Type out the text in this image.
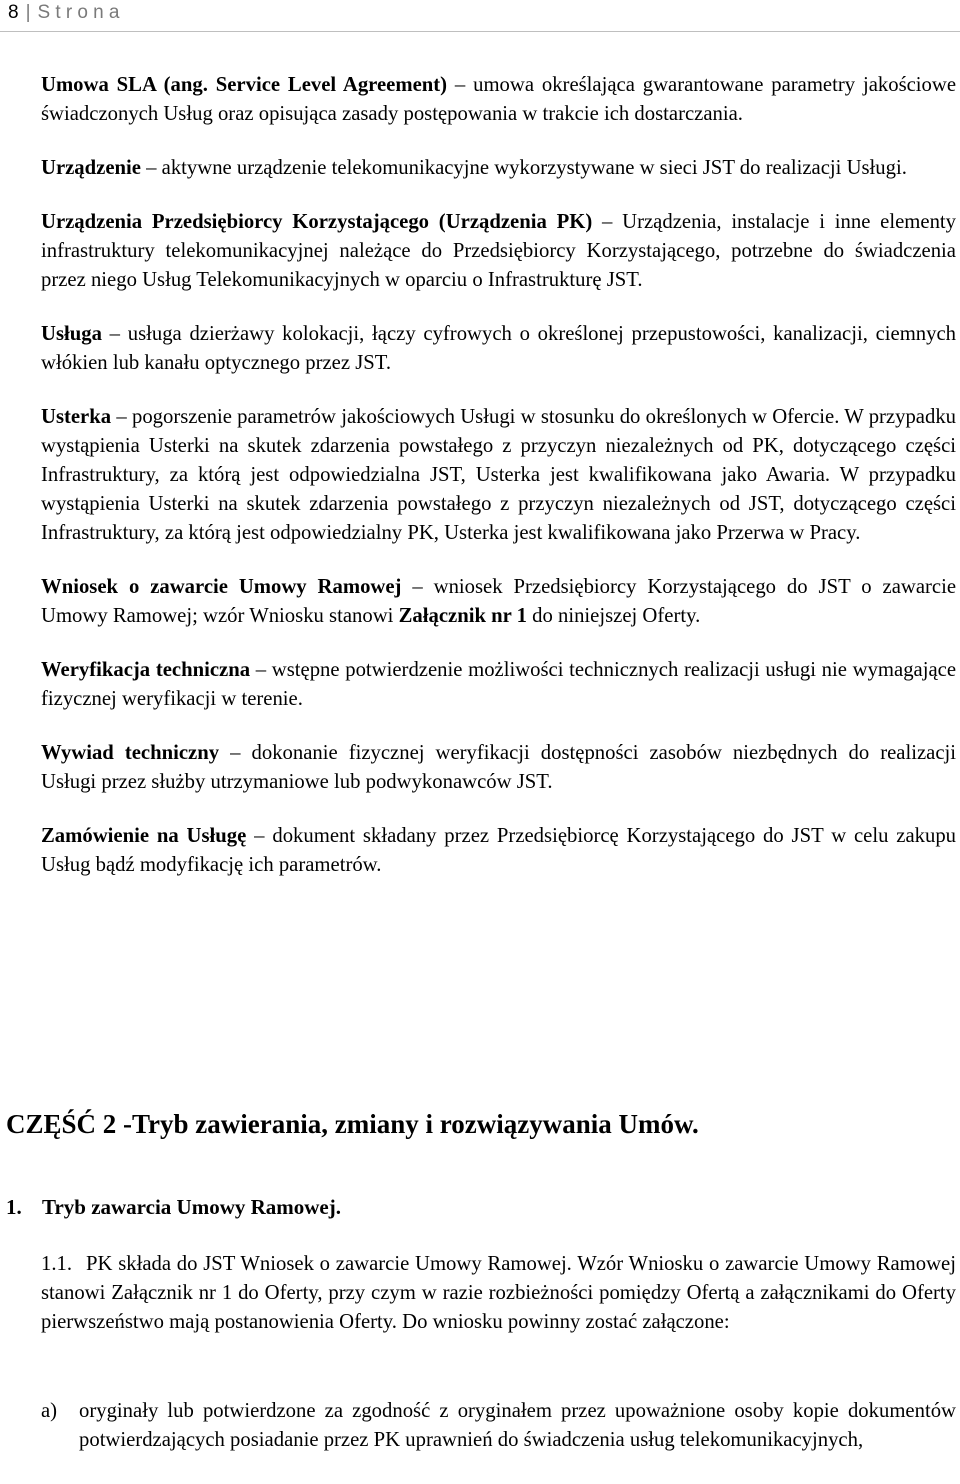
8 | Strona

Umowa SLA (ang. Service Level Agreement) – umowa określająca gwarantowane parametry jakościowe świadczonych Usług oraz opisująca zasady postępowania w trakcie ich dostarczania.

Urządzenie – aktywne urządzenie telekomunikacyjne wykorzystywane w sieci JST do realizacji Usługi.

Urządzenia Przedsiębiorcy Korzystającego (Urządzenia PK) – Urządzenia, instalacje i inne elementy infrastruktury telekomunikacyjnej należące do Przedsiębiorcy Korzystającego, potrzebne do świadczenia przez niego Usług Telekomunikacyjnych w oparciu o Infrastrukturę JST.

Usługa – usługa dzierżawy kolokacji, łączy cyfrowych o określonej przepustowości, kanalizacji, ciemnych włókien lub kanału optycznego przez JST.

Usterka – pogorszenie parametrów jakościowych Usługi w stosunku do określonych w Ofercie. W przypadku wystąpienia Usterki na skutek zdarzenia powstałego z przyczyn niezależnych od PK, dotyczącego części Infrastruktury, za którą jest odpowiedzialna JST, Usterka jest kwalifikowana jako Awaria. W przypadku wystąpienia Usterki na skutek zdarzenia powstałego z przyczyn niezależnych od JST, dotyczącego części Infrastruktury, za którą jest odpowiedzialny PK, Usterka jest kwalifikowana jako Przerwa w Pracy.

Wniosek o zawarcie Umowy Ramowej – wniosek Przedsiębiorcy Korzystającego do JST o zawarcie Umowy Ramowej; wzór Wniosku stanowi Załącznik nr 1 do niniejszej Oferty.

Weryfikacja techniczna – wstępne potwierdzenie możliwości technicznych realizacji usługi nie wymagające fizycznej weryfikacji w terenie.

Wywiad techniczny – dokonanie fizycznej weryfikacji dostępności zasobów niezbędnych do realizacji Usługi przez służby utrzymaniowe lub podwykonawców JST.

Zamówienie na Usługę – dokument składany przez Przedsiębiorcę Korzystającego do JST w celu zakupu Usług bądź modyfikację ich parametrów.

CZĘŚĆ 2 -Tryb zawierania, zmiany i rozwiązywania Umów.
1. Tryb zawarcia Umowy Ramowej.
1.1. PK składa do JST Wniosek o zawarcie Umowy Ramowej. Wzór Wniosku o zawarcie Umowy Ramowej stanowi Załącznik nr 1 do Oferty, przy czym w razie rozbieżności pomiędzy Ofertą a załącznikami do Oferty pierwszeństwo mają postanowienia Oferty. Do wniosku powinny zostać załączone:
a) oryginały lub potwierdzone za zgodność z oryginałem przez upoważnione osoby kopie dokumentów potwierdzających posiadanie przez PK uprawnień do świadczenia usług telekomunikacyjnych,
